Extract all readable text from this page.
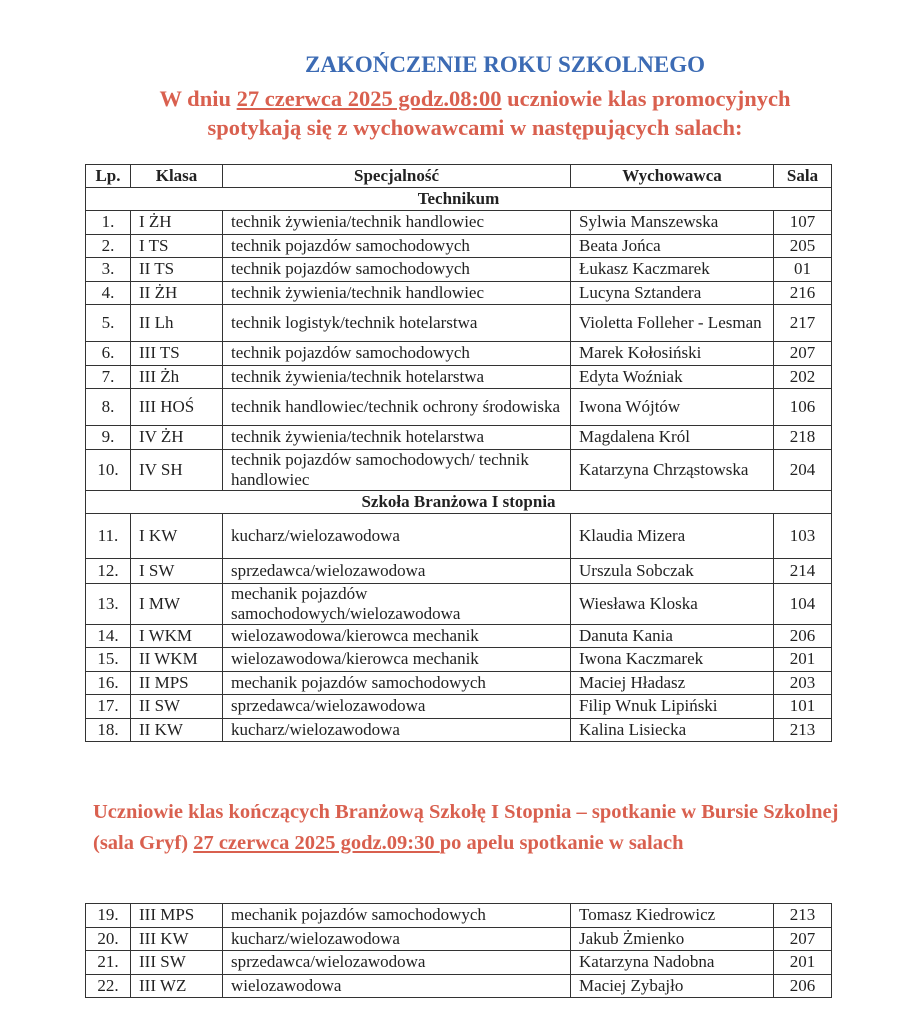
ZAKOŃCZENIE ROKU SZKOLNEGO
W dniu 27 czerwca 2025 godz.08:00 uczniowie klas promocyjnych
spotykają się z wychowawcami w następujących salach:
Lp.	Klasa	Specjalność	Wychowawca	Sala
Technikum				
1.	I ŻH	technik żywienia/technik handlowiec	Sylwia Manszewska	107
2.	I TS	technik pojazdów samochodowych	Beata Jońca	205
3.	II TS	technik pojazdów samochodowych	Łukasz Kaczmarek	01
4.	II ŻH	technik żywienia/technik handlowiec	Lucyna Sztandera	216
5.	II Lh	technik logistyk/technik hotelarstwa	Violetta Folleher - Lesman	217
6.	III TS	technik pojazdów samochodowych	Marek Kołosiński	207
7.	III Żh	technik żywienia/technik hotelarstwa	Edyta Woźniak	202
8.	III HOŚ	technik handlowiec/technik ochrony środowiska	Iwona Wójtów	106
9.	IV ŻH	technik żywienia/technik hotelarstwa	Magdalena Król	218
10.	IV SH	technik pojazdów samochodowych/ technik handlowiec	Katarzyna Chrząstowska	204
Szkoła Branżowa I stopnia				
11.	I KW	kucharz/wielozawodowa	Klaudia Mizera	103
12.	I SW	sprzedawca/wielozawodowa	Urszula Sobczak	214
13.	I MW	mechanik pojazdów samochodowych/wielozawodowa	Wiesława Kloska	104
14.	I WKM	wielozawodowa/kierowca mechanik	Danuta Kania	206
15.	II WKM	wielozawodowa/kierowca mechanik	Iwona Kaczmarek	201
16.	II MPS	mechanik pojazdów samochodowych	Maciej Hładasz	203
17.	II SW	sprzedawca/wielozawodowa	Filip Wnuk Lipiński	101
18.	II KW	kucharz/wielozawodowa	Kalina Lisiecka	213
Uczniowie klas kończących Branżową Szkołę I Stopnia – spotkanie w Bursie Szkolnej (sala Gryf) 27 czerwca 2025 godz.09:30 po apelu spotkanie w salach
19.	III MPS	mechanik pojazdów samochodowych	Tomasz Kiedrowicz	213
20.	III KW	kucharz/wielozawodowa	Jakub Żmienko	207
21.	III SW	sprzedawca/wielozawodowa	Katarzyna Nadobna	201
22.	III WZ	wielozawodowa	Maciej Zybajło	206
